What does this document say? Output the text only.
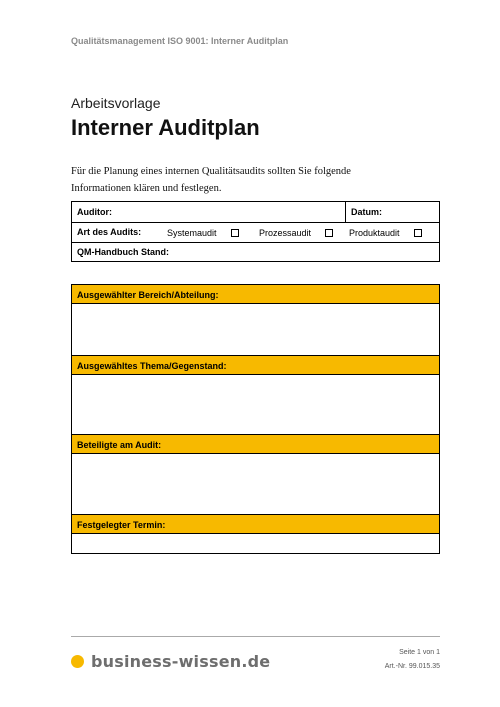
Qualitätsmanagement ISO 9001: Interner Auditplan
Arbeitsvorlage
Interner Auditplan
Für die Planung eines internen Qualitätsaudits sollten Sie folgende
Informationen klären und festlegen.
Auditor:	Datum:
Art des Audits:	Systemaudit	Prozessaudit	Produktaudit
QM-Handbuch Stand:
Ausgewählter Bereich/Abteilung:
Ausgewähltes Thema/Gegenstand:
Beteiligte am Audit:
Festgelegter Termin:
business-wissen.de	Seite 1 von 1
Art.-Nr. 99.015.35
